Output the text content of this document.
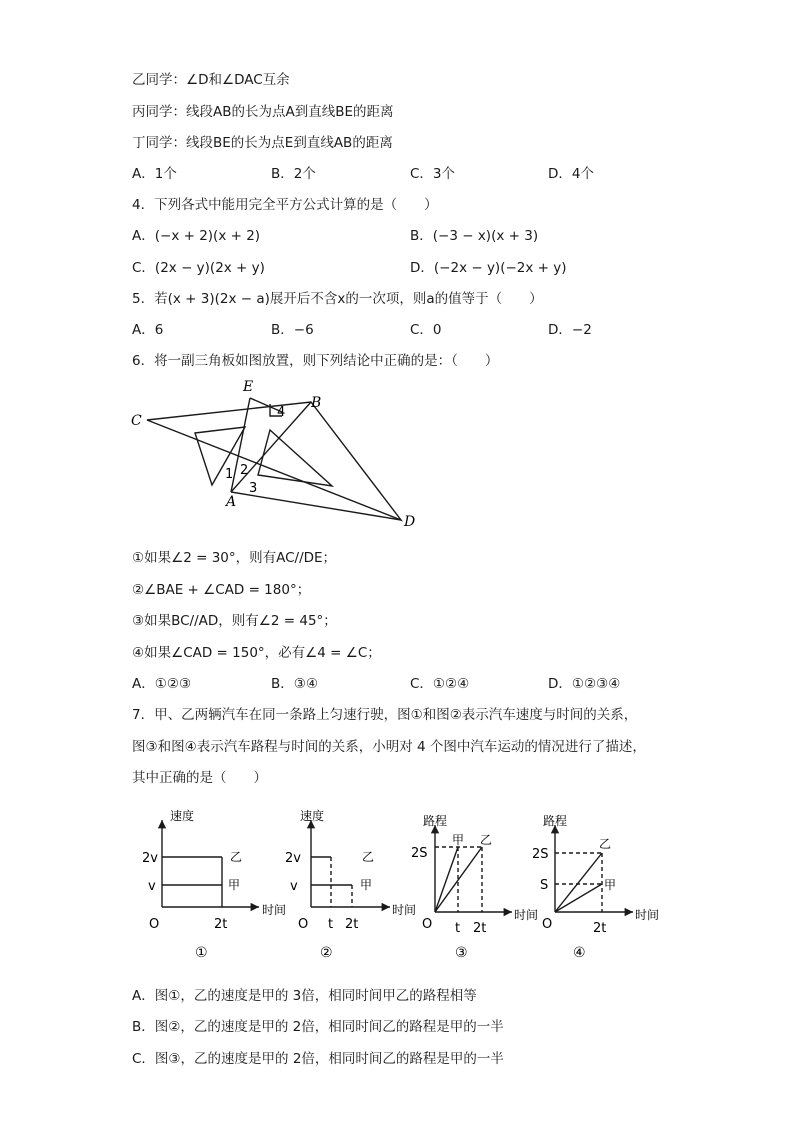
乙同学：∠D和∠DAC互余
丙同学：线段AB的长为点A到直线BE的距离
丁同学：线段BE的长为点E到直线AB的距离
A．1个	B．2个	C．3个	D．4个
4．下列各式中能用完全平方公式计算的是（　　）
A．(−x + 2)(x + 2)	B．(−3 − x)(x + 3)
C．(2x − y)(2x + y)	D．(−2x − y)(−2x + y)
5．若(x + 3)(2x − a)展开后不含x的一次项，则a的值等于（　　）
A．6	B．−6	C．0	D．−2
6．将一副三角板如图放置，则下列结论中正确的是：（　　）
E
B
C
A
D
1 2
3
4
①如果∠2 = 30°，则有AC//DE；
②∠BAE + ∠CAD = 180°；
③如果BC//AD，则有∠2 = 45°；
④如果∠CAD = 150°，必有∠4 = ∠C；
A．①②③	B．③④	C．①②④	D．①②③④
7．甲、乙两辆汽车在同一条路上匀速行驶，图①和图②表示汽车速度与时间的关系，
图③和图④表示汽车路程与时间的关系，小明对 4 个图中汽车运动的情况进行了描述，
其中正确的是（　　）
速度
时间
O
2v
v
2t
乙
甲
①
速度
时间
O
2v
v
t 2t
乙
甲
②
路程
时间
O
2S
t 2t
甲 乙
③
路程
时间
O
2S
S
2t
乙
甲
④
A．图①，乙的速度是甲的 3倍，相同时间甲乙的路程相等
B．图②，乙的速度是甲的 2倍，相同时间乙的路程是甲的一半
C．图③，乙的速度是甲的 2倍，相同时间乙的路程是甲的一半
